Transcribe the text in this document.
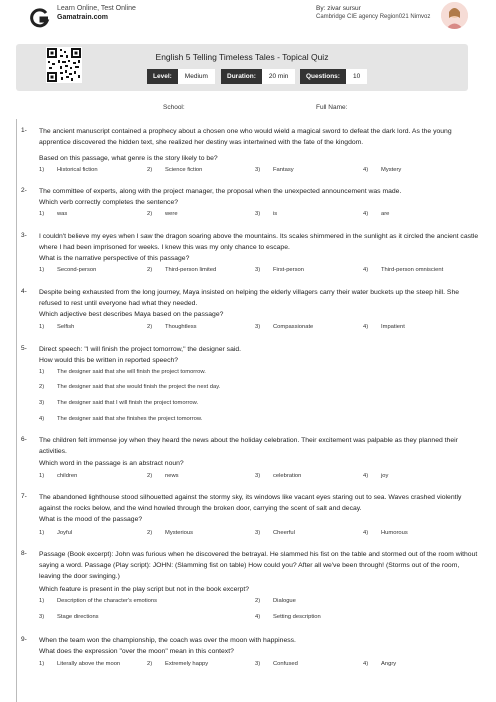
Learn Online, Test Online
Gamatrain.com
By: zivar sursur
Cambridge CIE agency Region021 Nimvoz
English 5 Telling Timeless Tales - Topical Quiz
Level:	Medium	Duration:	20 min	Questions:	10
School:	Full Name:
1- The ancient manuscript contained a prophecy about a chosen one who would wield a magical sword to defeat the dark lord. As the young apprentice discovered the hidden text, she realized her destiny was intertwined with the fate of the kingdom.
Based on this passage, what genre is the story likely to be?
1) Historical fiction	2) Science fiction	3) Fantasy	4) Mystery
2- The committee of experts, along with the project manager, the proposal when the unexpected announcement was made.
Which verb correctly completes the sentence?
1) was	2) were	3) is	4) are
3- I couldn't believe my eyes when I saw the dragon soaring above the mountains. Its scales shimmered in the sunlight as it circled the ancient castle where I had been imprisoned for weeks. I knew this was my only chance to escape.
What is the narrative perspective of this passage?
1) Second-person	2) Third-person limited	3) First-person	4) Third-person omniscient
4- Despite being exhausted from the long journey, Maya insisted on helping the elderly villagers carry their water buckets up the steep hill. She refused to rest until everyone had what they needed.
Which adjective best describes Maya based on the passage?
1) Selfish	2) Thoughtless	3) Compassionate	4) Impatient
5- Direct speech: "I will finish the project tomorrow," the designer said.
How would this be written in reported speech?
1) The designer said that she will finish the project tomorrow.
2) The designer said that she would finish the project the next day.
3) The designer said that I will finish the project tomorrow.
4) The designer said that she finishes the project tomorrow.
6- The children felt immense joy when they heard the news about the holiday celebration. Their excitement was palpable as they planned their activities.
Which word in the passage is an abstract noun?
1) children	2) news	3) celebration	4) joy
7- The abandoned lighthouse stood silhouetted against the stormy sky, its windows like vacant eyes staring out to sea. Waves crashed violently against the rocks below, and the wind howled through the broken door, carrying the scent of salt and decay.
What is the mood of the passage?
1) Joyful	2) Mysterious	3) Cheerful	4) Humorous
8- Passage (Book excerpt): John was furious when he discovered the betrayal. He slammed his fist on the table and stormed out of the room without saying a word. Passage (Play script): JOHN: (Slamming fist on table) How could you? After all we've been through! (Storms out of the room, leaving the door swinging.)
Which feature is present in the play script but not in the book excerpt?
1) Description of the character's emotions	2) Dialogue
3) Stage directions	4) Setting description
9- When the team won the championship, the coach was over the moon with happiness.
What does the expression "over the moon" mean in this context?
1) Literally above the moon	2) Extremely happy	3) Confused	4) Angry
